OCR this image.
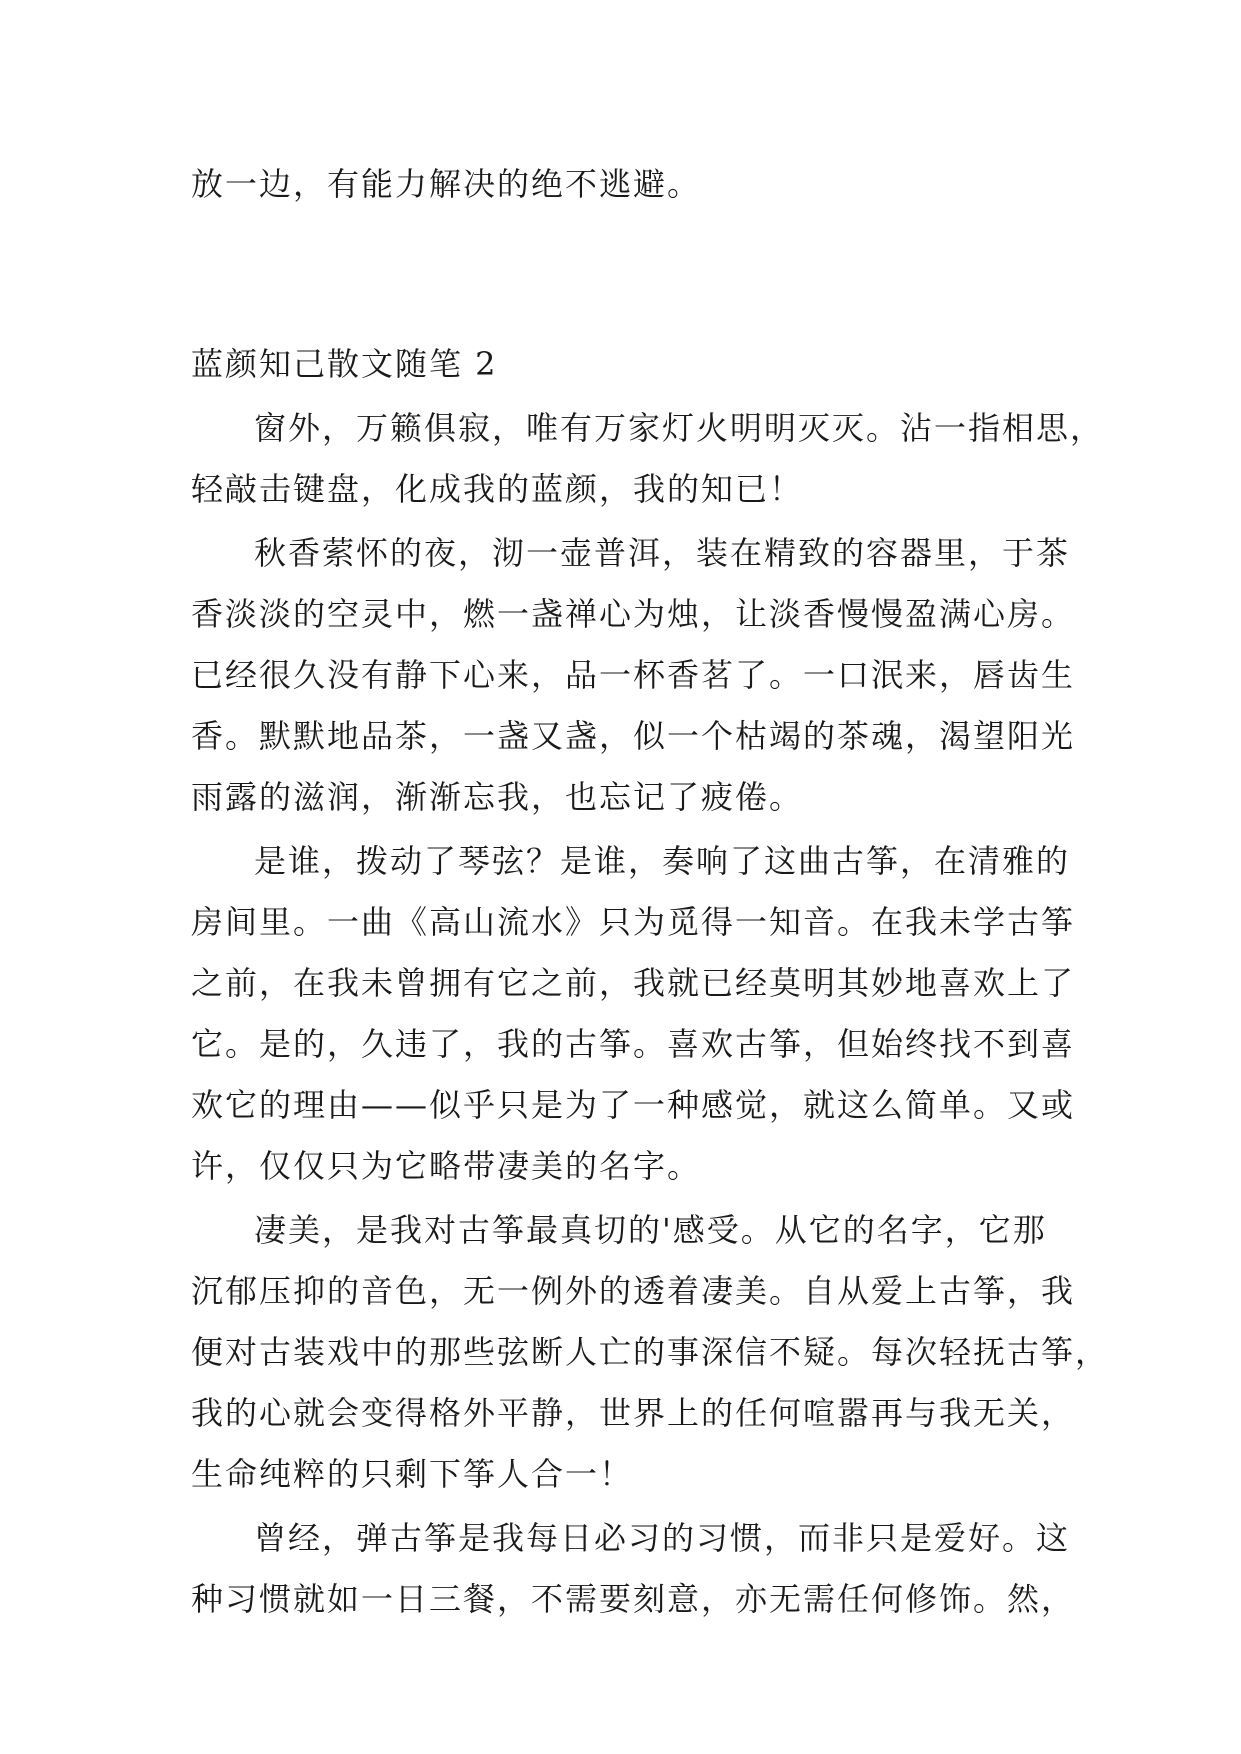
放一边，有能力解决的绝不逃避。
蓝颜知己散文随笔 2
窗外，万籁俱寂，唯有万家灯火明明灭灭。沾一指相思，
轻敲击键盘，化成我的蓝颜，我的知已！
秋香萦怀的夜，沏一壶普洱，装在精致的容器里，于茶
香淡淡的空灵中，燃一盏禅心为烛，让淡香慢慢盈满心房。
已经很久没有静下心来，品一杯香茗了。一口泯来，唇齿生
香。默默地品茶，一盏又盏，似一个枯竭的茶魂，渴望阳光
雨露的滋润，渐渐忘我，也忘记了疲倦。
是谁，拨动了琴弦？是谁，奏响了这曲古筝，在清雅的
房间里。一曲《高山流水》只为觅得一知音。在我未学古筝
之前，在我未曾拥有它之前，我就已经莫明其妙地喜欢上了
它。是的，久违了，我的古筝。喜欢古筝，但始终找不到喜
欢它的理由——似乎只是为了一种感觉，就这么简单。又或
许，仅仅只为它略带凄美的名字。
凄美，是我对古筝最真切的'感受。从它的名字，它那
沉郁压抑的音色，无一例外的透着凄美。自从爱上古筝，我
便对古装戏中的那些弦断人亡的事深信不疑。每次轻抚古筝，
我的心就会变得格外平静，世界上的任何喧嚣再与我无关，
生命纯粹的只剩下筝人合一！
曾经，弹古筝是我每日必习的习惯，而非只是爱好。这
种习惯就如一日三餐，不需要刻意，亦无需任何修饰。然，
